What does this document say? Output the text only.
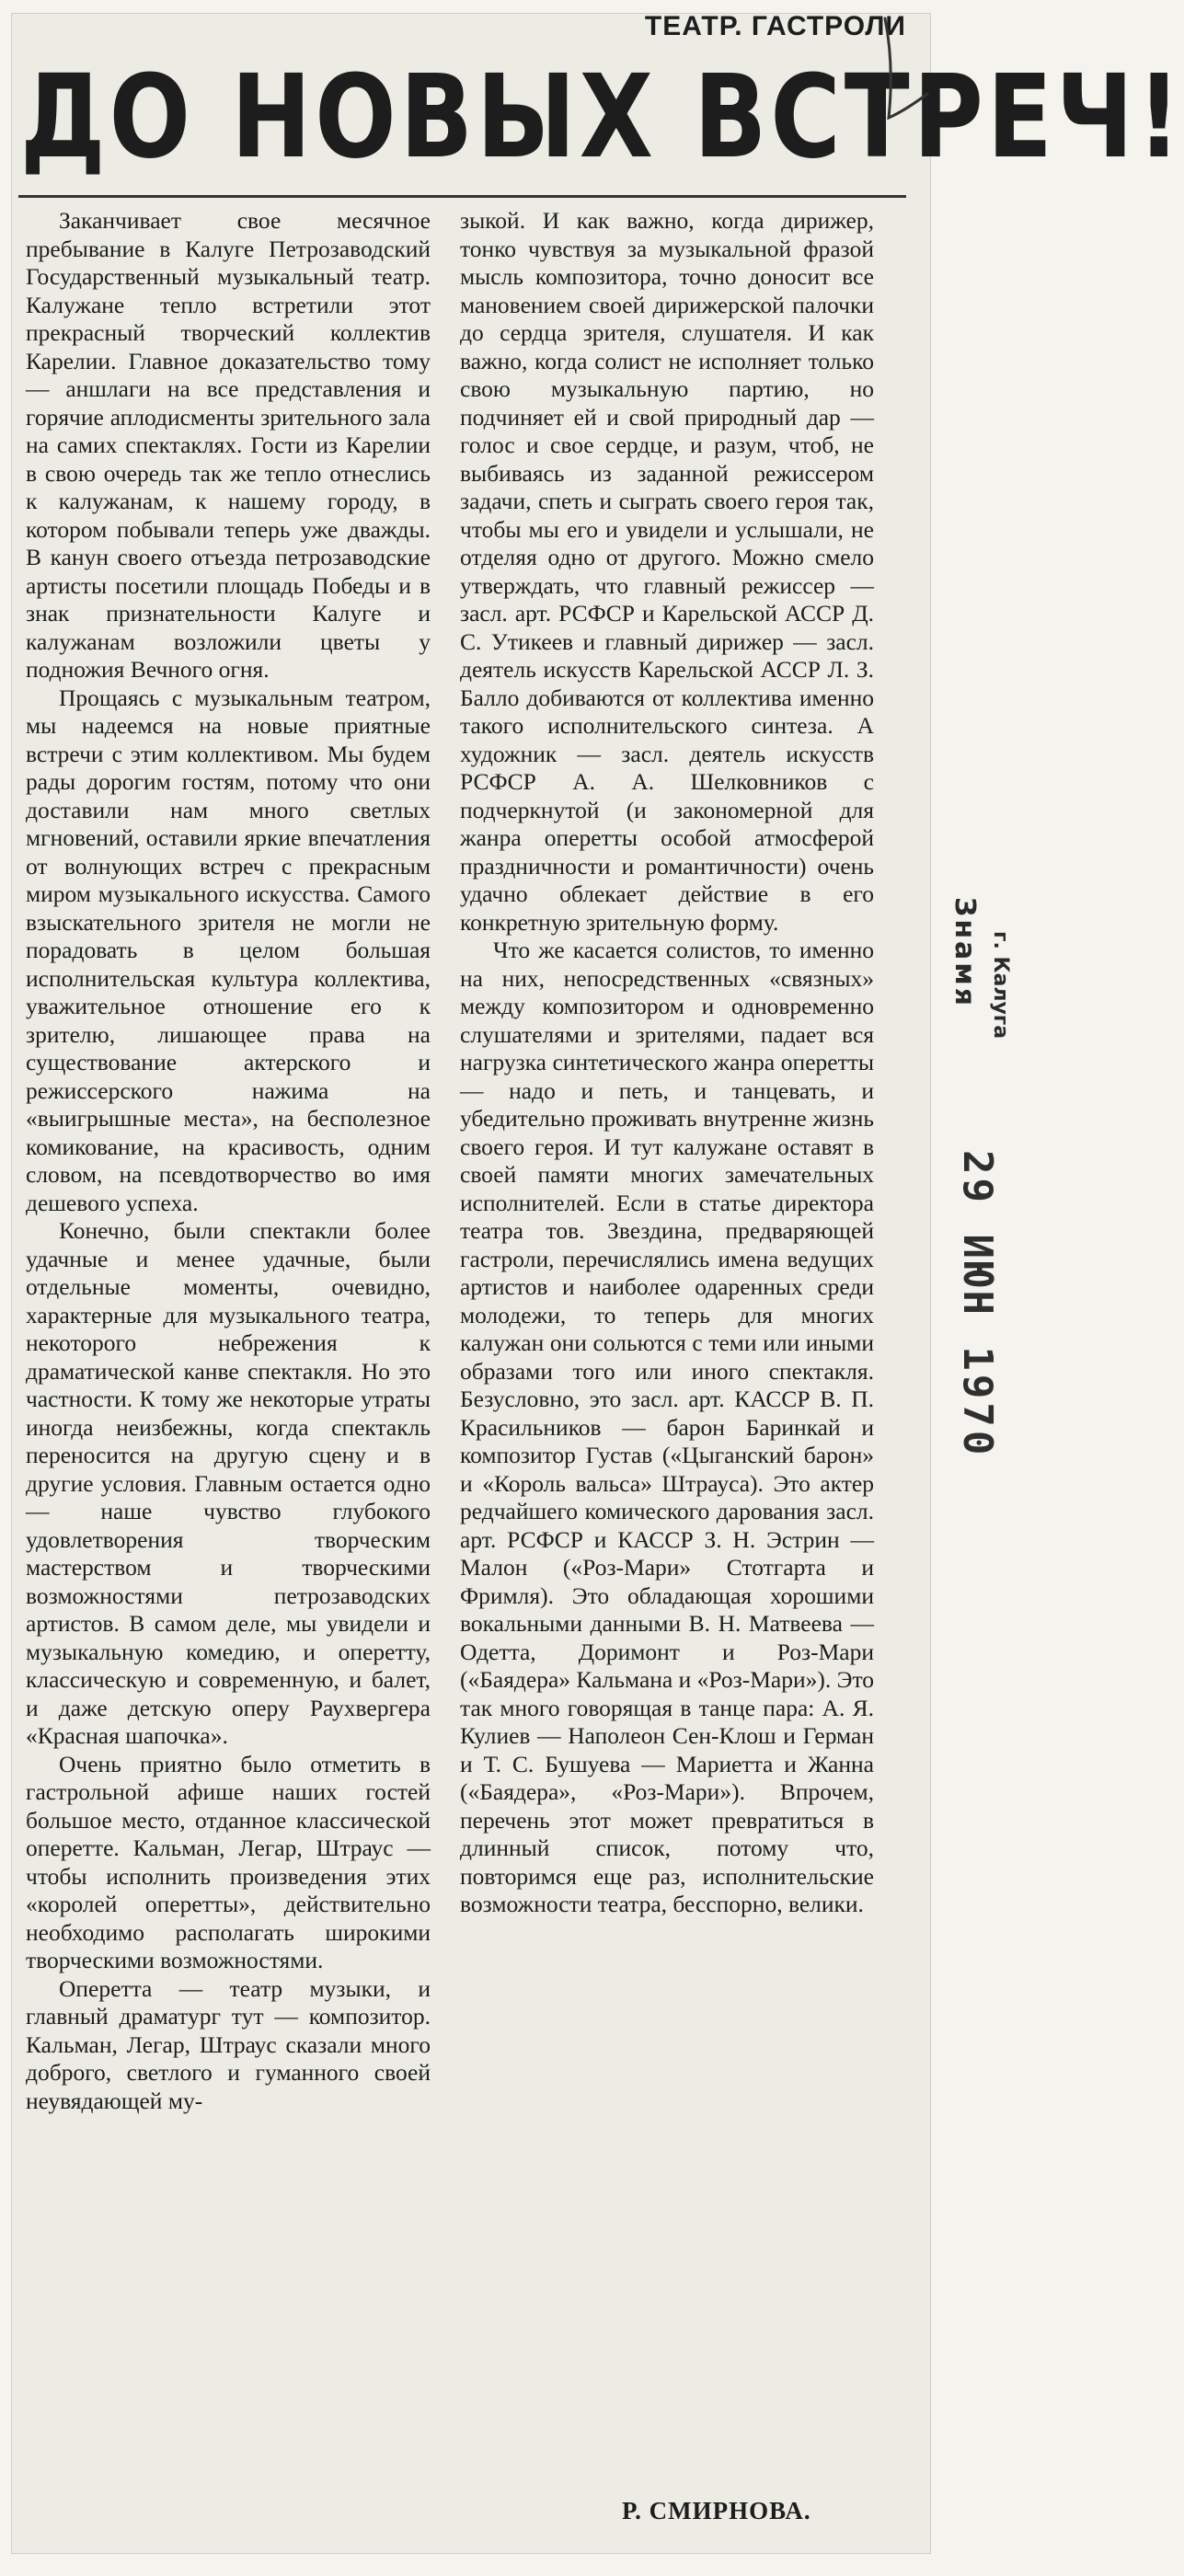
ТЕАТР. ГАСТРОЛИ
ДО НОВЫХ ВСТРЕЧ!

Заканчивает свое месячное пребывание в Калуге Петрозаводский Государственный музыкальный театр. Калужане тепло встретили этот прекрасный творческий коллектив Карелии. Главное доказательство тому — аншлаги на все представления и горячие аплодисменты зрительного зала на самих спектаклях. Гости из Карелии в свою очередь так же тепло отнеслись к калужанам, к нашему городу, в котором побывали теперь уже дважды. В канун своего отъезда петрозаводские артисты посетили площадь Победы и в знак признательности Калуге и калужанам возложили цветы у подножия Вечного огня.

Прощаясь с музыкальным театром, мы надеемся на новые приятные встречи с этим коллективом. Мы будем рады дорогим гостям, потому что они доставили нам много светлых мгновений, оставили яркие впечатления от волнующих встреч с прекрасным миром музыкального искусства. Самого взыскательного зрителя не могли не порадовать в целом большая исполнительская культура коллектива, уважительное отношение его к зрителю, лишающее права на существование актерского и режиссерского нажима на «выигрышные места», на бесполезное комикование, на красивость, одним словом, на псевдотворчество во имя дешевого успеха.

Конечно, были спектакли более удачные и менее удачные, были отдельные моменты, очевидно, характерные для музыкального театра, некоторого небрежения к драматической канве спектакля. Но это частности. К тому же некоторые утраты иногда неизбежны, когда спектакль переносится на другую сцену и в другие условия. Главным остается одно — наше чувство глубокого удовлетворения творческим мастерством и творческими возможностями петрозаводских артистов. В самом деле, мы увидели и музыкальную комедию, и оперетту, классическую и современную, и балет, и даже детскую оперу Раухвергера «Красная шапочка».

Очень приятно было отметить в гастрольной афише наших гостей большое место, отданное классической оперетте. Кальман, Легар, Штраус — чтобы исполнить произведения этих «королей оперетты», действительно необходимо располагать широкими творческими возможностями.

Оперетта — театр музыки, и главный драматург тут — композитор. Кальман, Легар, Штраус сказали много доброго, светлого и гуманного своей неувядающей му-

зыкой. И как важно, когда дирижер, тонко чувствуя за музыкальной фразой мысль композитора, точно доносит все мановением своей дирижерской палочки до сердца зрителя, слушателя. И как важно, когда солист не исполняет только свою музыкальную партию, но подчиняет ей и свой природный дар — голос и свое сердце, и разум, чтоб, не выбиваясь из заданной режиссером задачи, спеть и сыграть своего героя так, чтобы мы его и увидели и услышали, не отделяя одно от другого. Можно смело утверждать, что главный режиссер — засл. арт. РСФСР и Карельской АССР Д. С. Утикеев и главный дирижер — засл. деятель искусств Карельской АССР Л. З. Балло добиваются от коллектива именно такого исполнительского синтеза. А художник — засл. деятель искусств РСФСР А. А. Шелковников с подчеркнутой (и закономерной для жанра оперетты особой атмосферой праздничности и романтичности) очень удачно облекает действие в его конкретную зрительную форму.

Что же касается солистов, то именно на них, непосредственных «связных» между композитором и одновременно слушателями и зрителями, падает вся нагрузка синтетического жанра оперетты — надо и петь, и танцевать, и убедительно проживать внутренне жизнь своего героя. И тут калужане оставят в своей памяти многих замечательных исполнителей. Если в статье директора театра тов. Звездина, предваряющей гастроли, перечислялись имена ведущих артистов и наиболее одаренных среди молодежи, то теперь для многих калужан они сольются с теми или иными образами того или иного спектакля. Безусловно, это засл. арт. КАССР В. П. Красильников — барон Баринкай и композитор Густав («Цыганский барон» и «Король вальса» Штрауса). Это актер редчайшего комического дарования засл. арт. РСФСР и КАССР З. Н. Эстрин — Малон («Роз-Мари» Стотгарта и Фримля). Это обладающая хорошими вокальными данными В. Н. Матвеева — Одетта, Доримонт и Роз-Мари («Баядера» Кальмана и «Роз-Мари»). Это так много говорящая в танце пара: А. Я. Кулиев — Наполеон Сен-Клош и Герман и Т. С. Бушуева — Мариетта и Жанна («Баядера», «Роз-Мари»). Впрочем, перечень этот может превратиться в длинный список, потому что, повторимся еще раз, исполнительские возможности театра, бесспорно, велики.

Р. СМИРНОВА.
Знамя г. Калуга
29 ИЮН 1970
